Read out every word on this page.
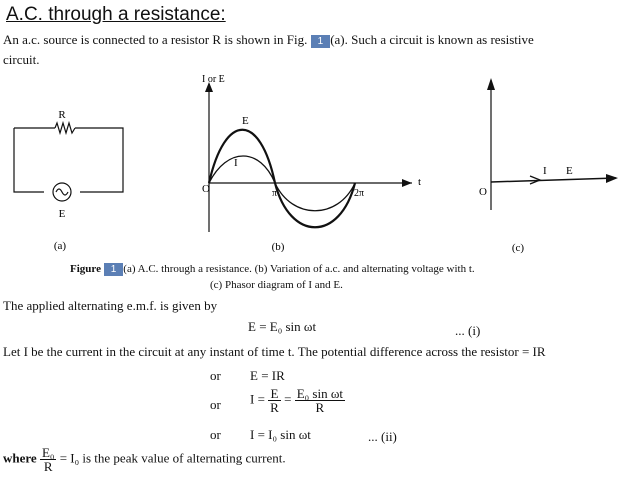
A.C. through a resistance:
An a.c. source is connected to a resistor R is shown in Fig. 1 (a). Such a circuit is known as resistive
circuit.
R
E
(a)
I or E
E
I
O	π	2π
t
(b)
O
I E
(c)
Figure 1 (a) A.C. through a resistance. (b) Variation of a.c. and alternating voltage with t.
(c) Phasor diagram of I and E.
The applied alternating e.m.f. is given by
E = E₀ sin ωt	... (i)
Let I be the current in the circuit at any instant of time t. The potential difference across the resistor = IR
or E = IR
or $I = \frac{E}{R} = \frac{\text{E₀ sin ωt}}{R}$
or I = I₀ sin ωt	... (ii)
where $\frac{\text{E₀}}{R} = I_0$ is the peak value of alternating current.
